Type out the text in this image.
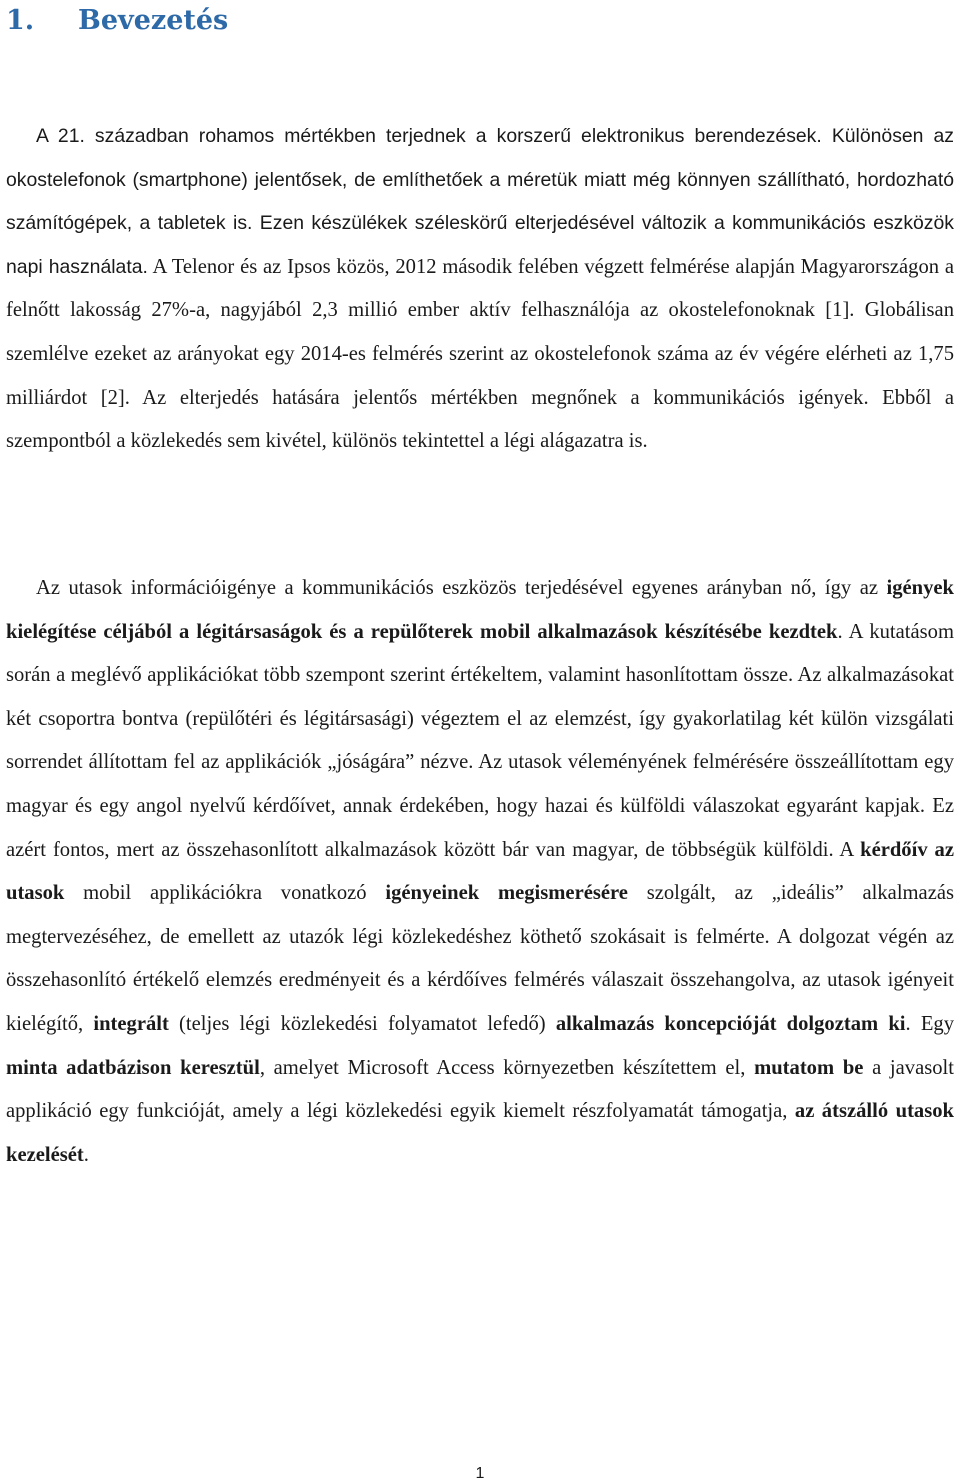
1. Bevezetés

A 21. században rohamos mértékben terjednek a korszerű elektronikus berendezések. Különösen az okostelefonok (smartphone) jelentősek, de említhetőek a méretük miatt még könnyen szállítható, hordozható számítógépek, a tabletek is. Ezen készülékek széleskörű elterjedésével változik a kommunikációs eszközök napi használata. A Telenor és az Ipsos közös, 2012 második felében végzett felmérése alapján Magyarországon a felnőtt lakosság 27%-a, nagyjából 2,3 millió ember aktív felhasználója az okostelefonoknak [1]. Globálisan szemlélve ezeket az arányokat egy 2014-es felmérés szerint az okostelefonok száma az év végére elérheti az 1,75 milliárdot [2]. Az elterjedés hatására jelentős mértékben megnőnek a kommunikációs igények. Ebből a szempontból a közlekedés sem kivétel, különös tekintettel a légi alágazatra is.

Az utasok információigénye a kommunikációs eszközös terjedésével egyenes arányban nő, így az igények kielégítése céljából a légitársaságok és a repülőterek mobil alkalmazások készítésébe kezdtek. A kutatásom során a meglévő applikációkat több szempont szerint értékeltem, valamint hasonlítottam össze. Az alkalmazásokat két csoportra bontva (repülőtéri és légitársasági) végeztem el az elemzést, így gyakorlatilag két külön vizsgálati sorrendet állítottam fel az applikációk „jóságára” nézve. Az utasok véleményének felmérésére összeállítottam egy magyar és egy angol nyelvű kérdőívet, annak érdekében, hogy hazai és külföldi válaszokat egyaránt kapjak. Ez azért fontos, mert az összehasonlított alkalmazások között bár van magyar, de többségük külföldi. A kérdőív az utasok mobil applikációkra vonatkozó igényeinek megismerésére szolgált, az „ideális” alkalmazás megtervezéséhez, de emellett az utazók légi közlekedéshez köthető szokásait is felmérte. A dolgozat végén az összehasonlító értékelő elemzés eredményeit és a kérdőíves felmérés válaszait összehangolva, az utasok igényeit kielégítő, integrált (teljes légi közlekedési folyamatot lefedő) alkalmazás koncepcióját dolgoztam ki. Egy minta adatbázison keresztül, amelyet Microsoft Access környezetben készítettem el, mutatom be a javasolt applikáció egy funkcióját, amely a légi közlekedési egyik kiemelt részfolyamatát támogatja, az átszálló utasok kezelését.

1
